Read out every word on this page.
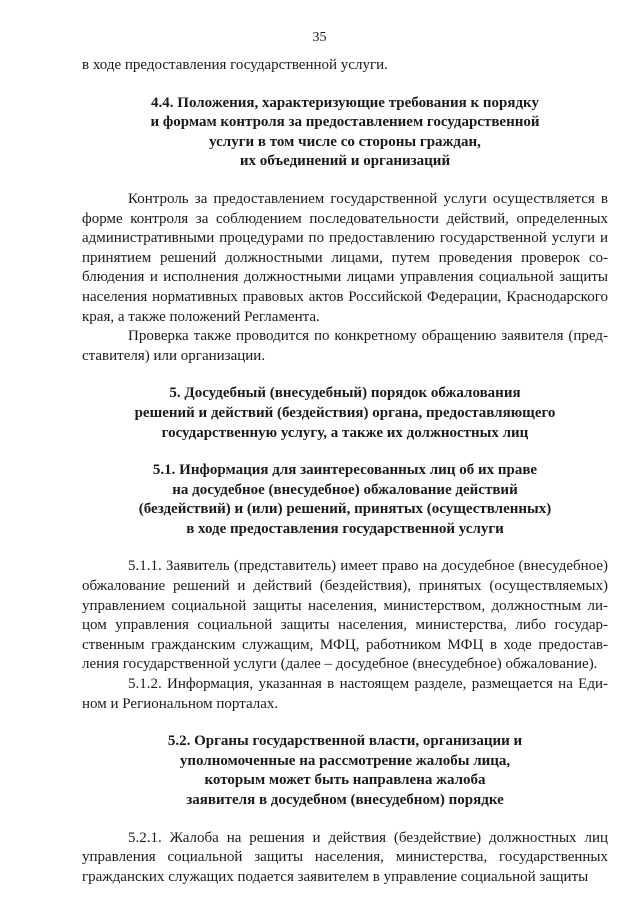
35

в ходе предоставления государственной услуги.

4.4. Положения, характеризующие требования к порядку
и формам контроля за предоставлением государственной
услуги в том числе со стороны граждан,
их объединений и организаций

Контроль за предоставлением государственной услуги осуществляется в форме контроля за соблюдением последовательности действий, определенных административными процедурами по предоставлению государственной услуги и принятием решений должностными лицами, путем проведения проверок соблюдения и исполнения должностными лицами управления социальной защиты населения нормативных правовых актов Российской Федерации, Краснодарского края, а также положений Регламента.

Проверка также проводится по конкретному обращению заявителя (представителя) или организации.

5. Досудебный (внесудебный) порядок обжалования
решений и действий (бездействия) органа, предоставляющего
государственную услугу, а также их должностных лиц
5.1. Информация для заинтересованных лиц об их праве
на досудебное (внесудебное) обжалование действий
(бездействий) и (или) решений, принятых (осуществленных)
в ходе предоставления государственной услуги

5.1.1. Заявитель (представитель) имеет право на досудебное (внесудебное) обжалование решений и действий (бездействия), принятых (осуществляемых) управлением социальной защиты населения, министерством, должностным лицом управления социальной защиты населения, министерства, либо государственным гражданским служащим, МФЦ, работником МФЦ в ходе предоставления государственной услуги (далее – досудебное (внесудебное) обжалование).

5.1.2. Информация, указанная в настоящем разделе, размещается на Едином и Региональном порталах.

5.2. Органы государственной власти, организации и
уполномоченные на рассмотрение жалобы лица,
которым может быть направлена жалоба
заявителя в досудебном (внесудебном) порядке

5.2.1. Жалоба на решения и действия (бездействие) должностных лиц управления социальной защиты населения, министерства, государственных гражданских служащих подается заявителем в управление социальной защиты
